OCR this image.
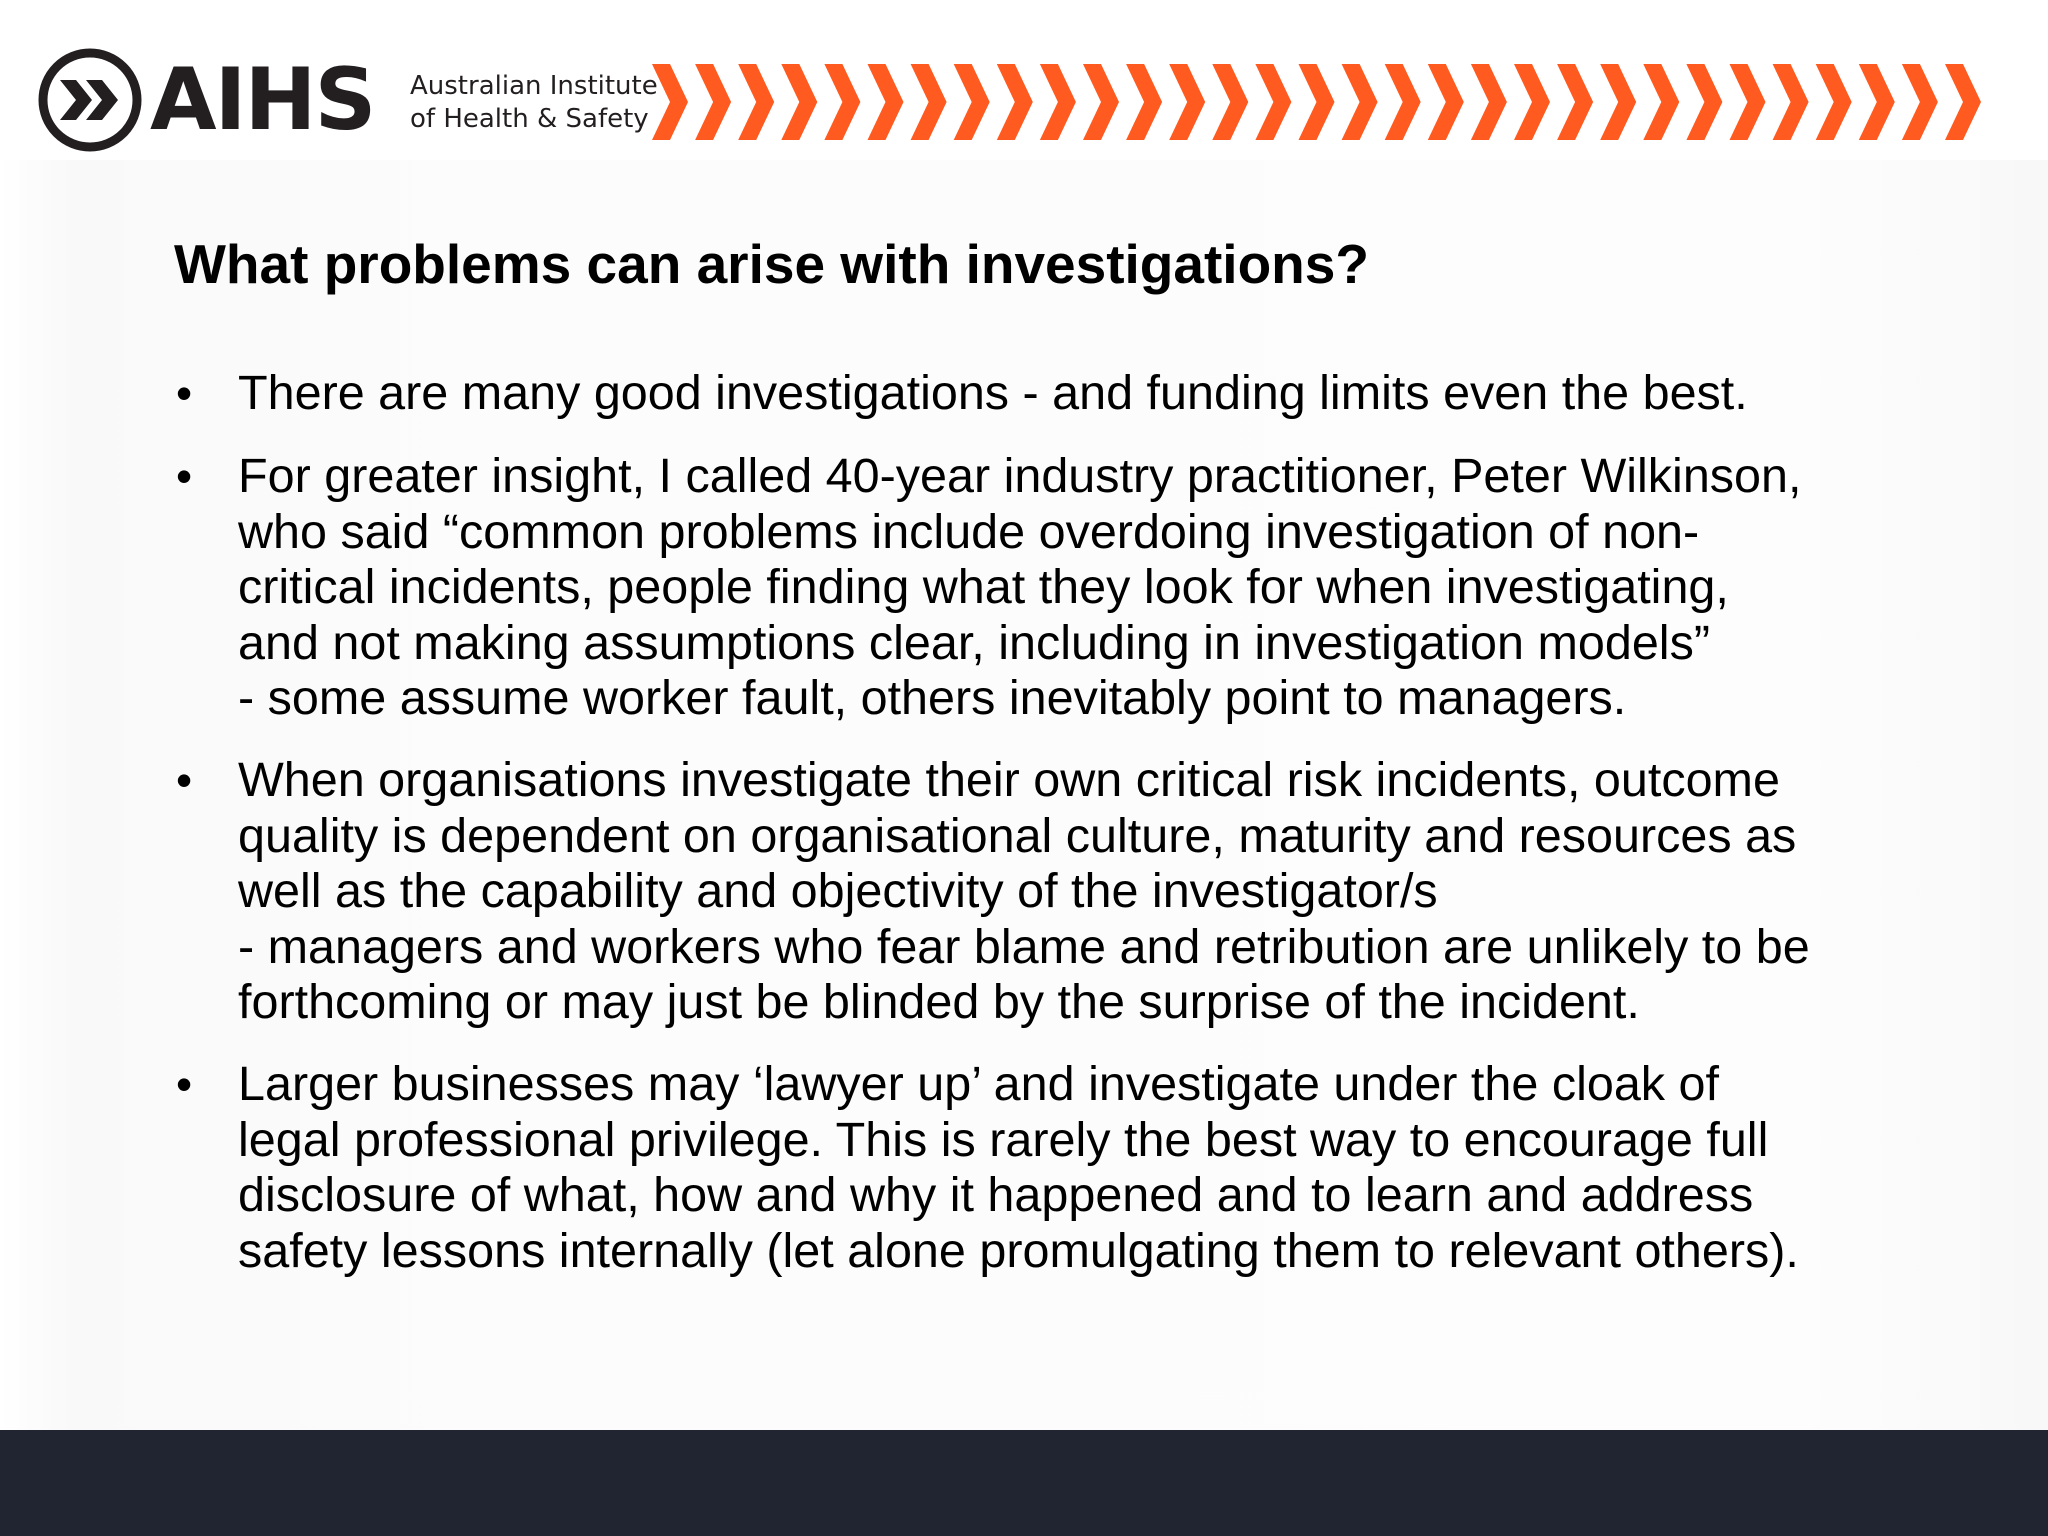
AIHS Australian Institute
of Health & Safety
What problems can arise with investigations?
• There are many good investigations - and funding limits even the best.
• For greater insight, I called 40-year industry practitioner, Peter Wilkinson,
who said “common problems include overdoing investigation of non-
critical incidents, people finding what they look for when investigating,
and not making assumptions clear, including in investigation models”
- some assume worker fault, others inevitably point to managers.
• When organisations investigate their own critical risk incidents, outcome
quality is dependent on organisational culture, maturity and resources as
well as the capability and objectivity of the investigator/s
- managers and workers who fear blame and retribution are unlikely to be
forthcoming or may just be blinded by the surprise of the incident.
• Larger businesses may ‘lawyer up’ and investigate under the cloak of
legal professional privilege. This is rarely the best way to encourage full
disclosure of what, how and why it happened and to learn and address
safety lessons internally (let alone promulgating them to relevant others).
